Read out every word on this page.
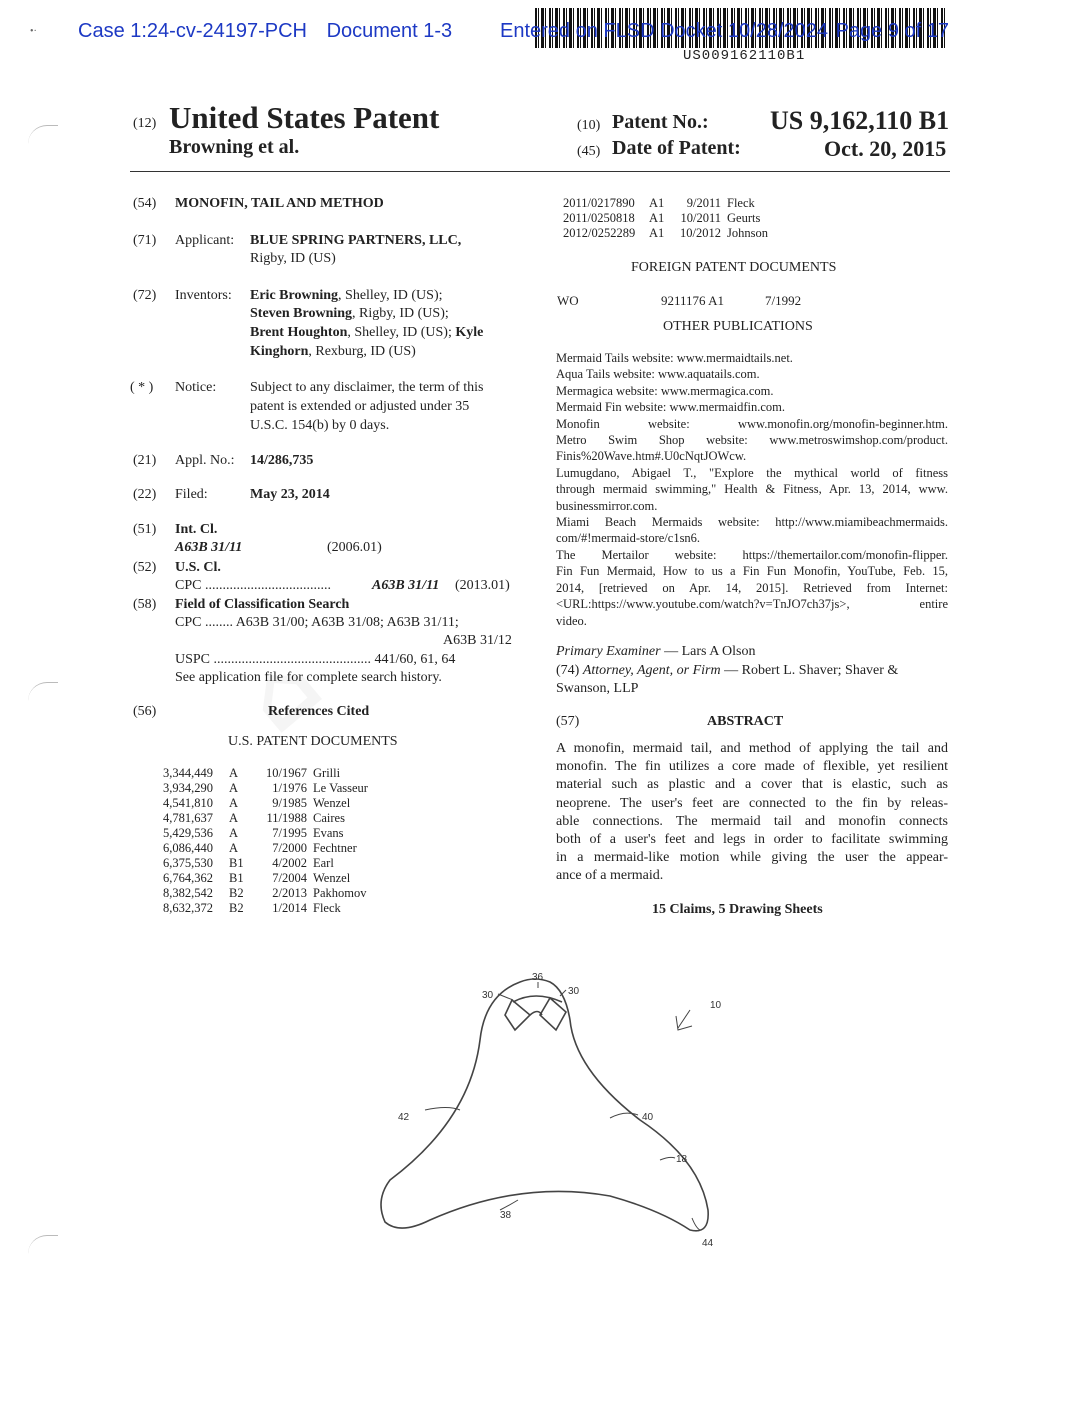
•· Case 1:24-cv-24197-PCH Document 1-3	Entered on FLSD Docket 10/28/2024 Page 9 of 17
US009162110B1
(12) United States Patent
Browning et al.
(10) Patent No.: US 9,162,110 B1
(45) Date of Patent:	Oct. 20, 2015
(54) MONOFIN, TAIL AND METHOD
(71) Applicant: BLUE SPRING PARTNERS, LLC,
Rigby, ID (US)
(72) Inventors: Eric Browning, Shelley, ID (US);
Steven Browning, Rigby, ID (US);
Brent Houghton, Shelley, ID (US); Kyle
Kinghorn, Rexburg, ID (US)
( * ) Notice: Subject to any disclaimer, the term of this
patent is extended or adjusted under 35
U.S.C. 154(b) by 0 days.
(21) Appl. No.: 14/286,735
(22) Filed:	May 23, 2014
(51) Int. Cl.
A63B 31/11	(2006.01)
(52) U.S. Cl.
CPC ....................................	A63B 31/11 (2013.01)
(58) Field of Classification Search
CPC ........ A63B 31/00; A63B 31/08; A63B 31/11;
A63B 31/12
USPC ............................................. 441/60, 61, 64
See application file for complete search history.
(56)	References Cited
U.S. PATENT DOCUMENTS
3,344,449	A	10/1967	Grilli
3,934,290	A	1/1976	Le Vasseur
4,541,810	A	9/1985	Wenzel
4,781,637	A	11/1988	Caires
5,429,536	A	7/1995	Evans
6,086,440	A	7/2000	Fechtner
6,375,530	B1	4/2002	Earl
6,764,362	B1	7/2004	Wenzel
8,382,542	B2	2/2013	Pakhomov
8,632,372	B2	1/2014	Fleck
2011/0217890	A1	9/2011	Fleck
2011/0250818	A1	10/2011	Geurts
2012/0252289	A1	10/2012	Johnson
FOREIGN PATENT DOCUMENTS
WO	9211176 A1	7/1992
OTHER PUBLICATIONS
Mermaid Tails website: www.mermaidtails.net.
Aqua Tails website: www.aquatails.com.
Mermagica website: www.mermagica.com.
Mermaid Fin website: www.mermaidfin.com.
Monofin website: www.monofin.org/monofin-beginner.htm.
Metro Swim Shop website: www.metroswimshop.com/product.
Finis%20Wave.htm#.U0cNqtJOWcw.
Lumugdano, Abigael T., "Explore the mythical world of fitness
through mermaid swimming," Health & Fitness, Apr. 13, 2014, www.
businessmirror.com.
Miami Beach Mermaids website: http://www.miamibeachmermaids.
com/#!mermaid-store/c1sn6.
The Mertailor website: https://themertailor.com/monofin-flipper.
Fin Fun Mermaid, How to us a Fin Fun Monofin, YouTube, Feb. 15,
2014, [retrieved on Apr. 14, 2015]. Retrieved from Internet:
<URL:https://www.youtube.com/watch?v=TnJO7ch37js>, entire
video.
Primary Examiner — Lars A Olson
(74) Attorney, Agent, or Firm — Robert L. Shaver; Shaver &
Swanson, LLP
(57)	ABSTRACT
A monofin, mermaid tail, and method of applying the tail and
monofin. The fin utilizes a core made of flexible, yet resilient
material such as plastic and a cover that is elastic, such as
neoprene. The user's feet are connected to the fin by releas-
able connections. The mermaid tail and monofin connects
both of a user's feet and legs in order to facilitate swimming
in a mermaid-like motion while giving the user the appear-
ance of a mermaid.
15 Claims, 5 Drawing Sheets
36
30	30
10
42	40
18
38
44
